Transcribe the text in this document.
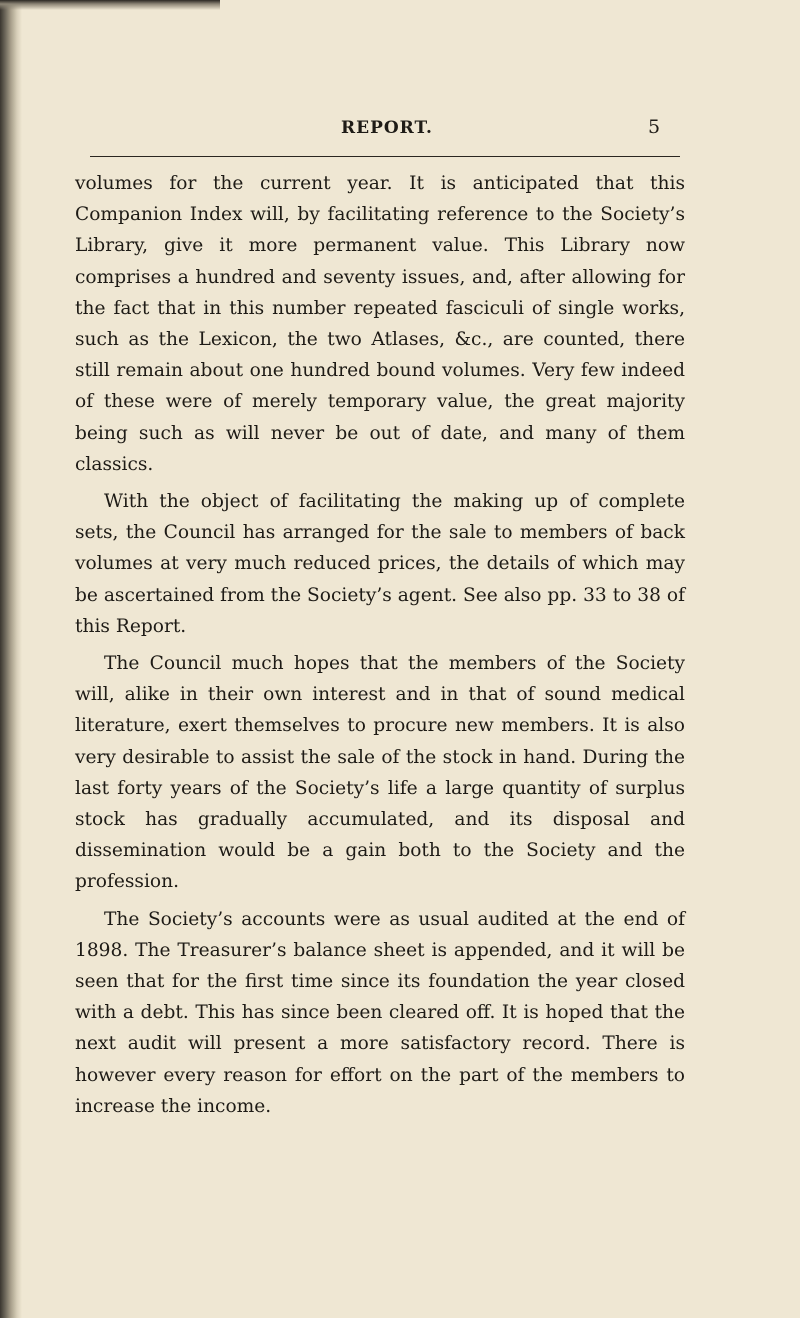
REPORT.	5

volumes for the current year. It is anticipated that this Companion Index will, by facilitating reference to the Society’s Library, give it more permanent value. This Library now comprises a hundred and seventy issues, and, after allowing for the fact that in this number repeated fasciculi of single works, such as the Lexicon, the two Atlases, &c., are counted, there still remain about one hundred bound volumes. Very few indeed of these were of merely temporary value, the great majority being such as will never be out of date, and many of them classics.

With the object of facilitating the making up of complete sets, the Council has arranged for the sale to members of back volumes at very much reduced prices, the details of which may be ascertained from the Society’s agent. See also pp. 33 to 38 of this Report.

The Council much hopes that the members of the Society will, alike in their own interest and in that of sound medical literature, exert themselves to procure new members. It is also very desirable to assist the sale of the stock in hand. During the last forty years of the Society’s life a large quantity of surplus stock has gradually accumulated, and its disposal and dissemination would be a gain both to the Society and the profession.

The Society’s accounts were as usual audited at the end of 1898. The Treasurer’s balance sheet is appended, and it will be seen that for the first time since its foundation the year closed with a debt. This has since been cleared off. It is hoped that the next audit will present a more satisfactory record. There is however every reason for effort on the part of the members to increase the income.
